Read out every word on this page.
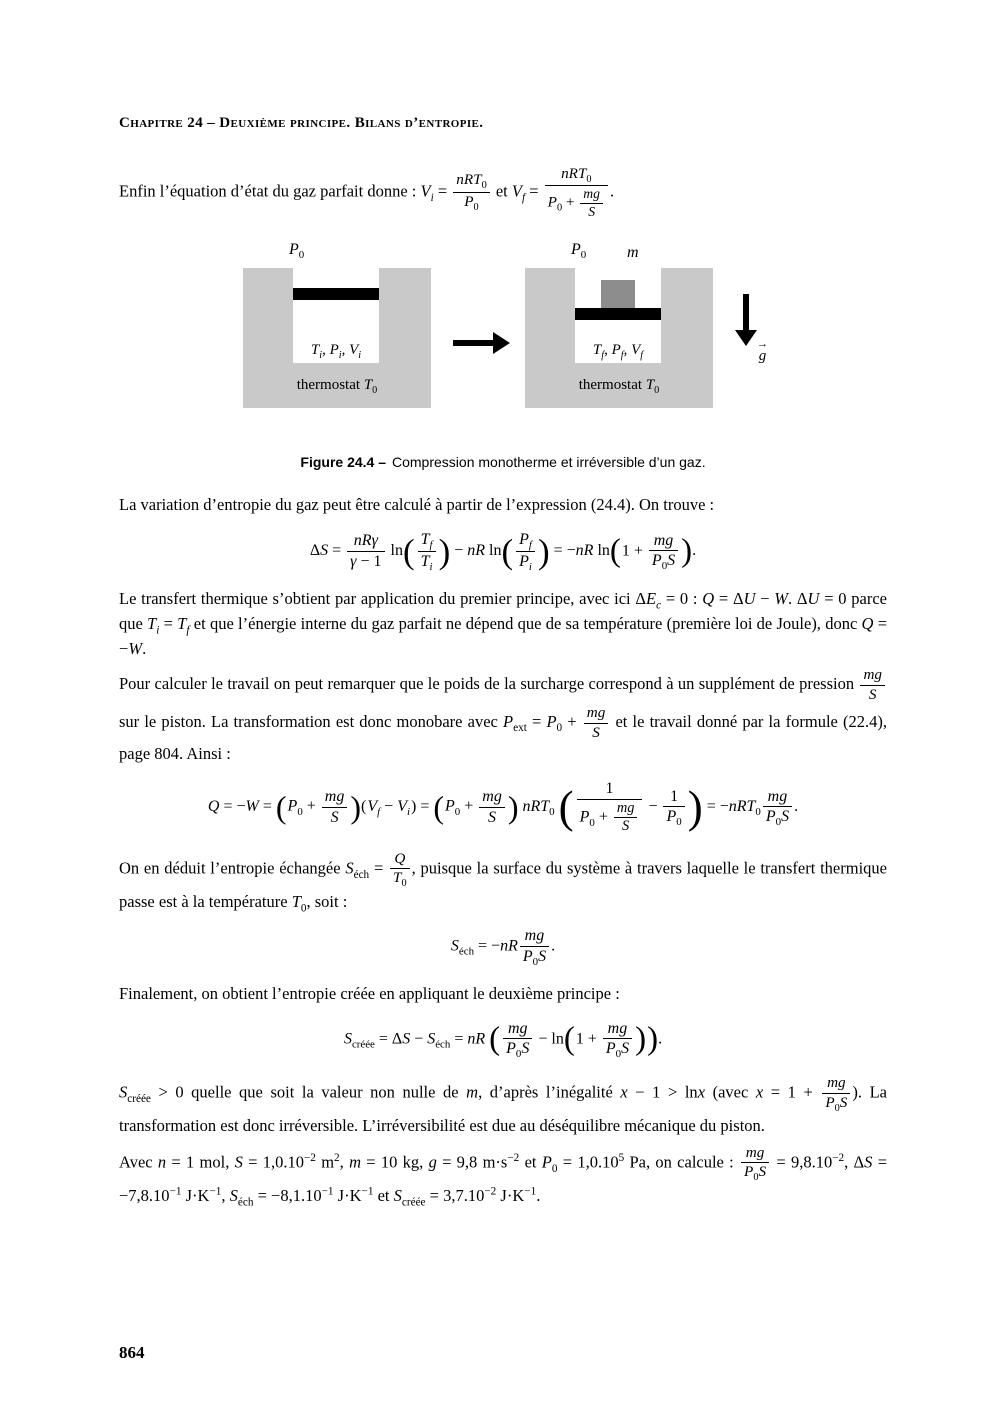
Chapitre 24 – Deuxième principe. Bilans d’entropie.

Enfin l’équation d’état du gaz parfait donne : $V_i$ =
nRT$_0$
$P_0$
et $V_f$ =
nRT$_0$
$P_0 + \frac{mg}{S}$ .

$P_0$
$T_i$, $P_i$, $V_i$
thermostat $T_0$
$P_0$	m
$T_f$, $P_f$, $V_f$
thermostat $T_0$
→
g
Figure 24.4 – Compression monotherme et irréversible d’un gaz.

La variation d’entropie du gaz peut être calculé à partir de l’expression (24.4). On trouve :

ΔS =
nRγ
γ − 1
ln ( $\frac{T_f}{T_i}$ ) − nR ln ( $\frac{P_f}{P_i}$ ) = −nR ln ( $1 + \frac{mg}{P_0S}$ ) .

Le transfert thermique s’obtient par application du premier principe, avec ici $\Delta E_c = 0$ : Q = ΔU − W. ΔU = 0 parce que $T_i = T_f$ et que l’énergie interne du gaz parfait ne dépend que de sa température (première loi de Joule), donc Q = −W.

Pour calculer le travail on peut remarquer que le poids de la surcharge correspond à un supplément de pression $\frac{mg}{S}$
sur le piston. La transformation est donc monobare avec $P_{ext} = P_0 + \frac{mg}{S}$ et le travail donné par la formule (22.4), page 804. Ainsi :

Q = −W = ( $P_0 + \frac{mg}{S}$ ) ( $V_f - V_i$ ) = ( $P_0 + \frac{mg}{S}$ ) nRT$_0$ (	1
$P_0 + \frac{mg}{S} - \frac{1}{P_0}$ ) = $-nRT_0 \frac{mg}{P_0S}$ .

On en déduit l’entropie échangée $S_{éch} = \frac{Q}{T_0}$ , puisque la surface du système à travers laquelle le transfert thermique passe est à la température $T_0$, soit :

$S_{éch} = -nR \frac{mg}{P_0S}$ .

Finalement, on obtient l’entropie créée en appliquant le deuxième principe :

$S_{créée} = \Delta S - S_{éch}$ = nR ( $\frac{mg}{P_0S} - \ln$ ( $1 + \frac{mg}{P_0S}$ ) ) .

$S_{créée} > 0$ quelle que soit la valeur non nulle de m, d’après l’inégalité x − 1 > lnx (avec $x = 1 + \frac{mg}{P_0S}$ ). La transformation est donc irréversible. L’irréversibilité est due au déséquilibre mécanique du piston.

Avec n = 1 mol, $S = 1,0.10^{-2}$ $m^2$, m = 10 kg, g = 9,8 $m\cdot s^{-2}$ et $P_0 = 1,0.10^5$ Pa, on calcule : $\frac{mg}{P_0S} = 9,8.10^{-2}$, $\Delta S = -7,8.10^{-1}$ $J\cdot K^{-1}$, $S_{éch} = -8,1.10^{-1}$ $J\cdot K^{-1}$ et $S_{créée} = 3,7.10^{-2}$ $J\cdot K^{-1}$.

864
